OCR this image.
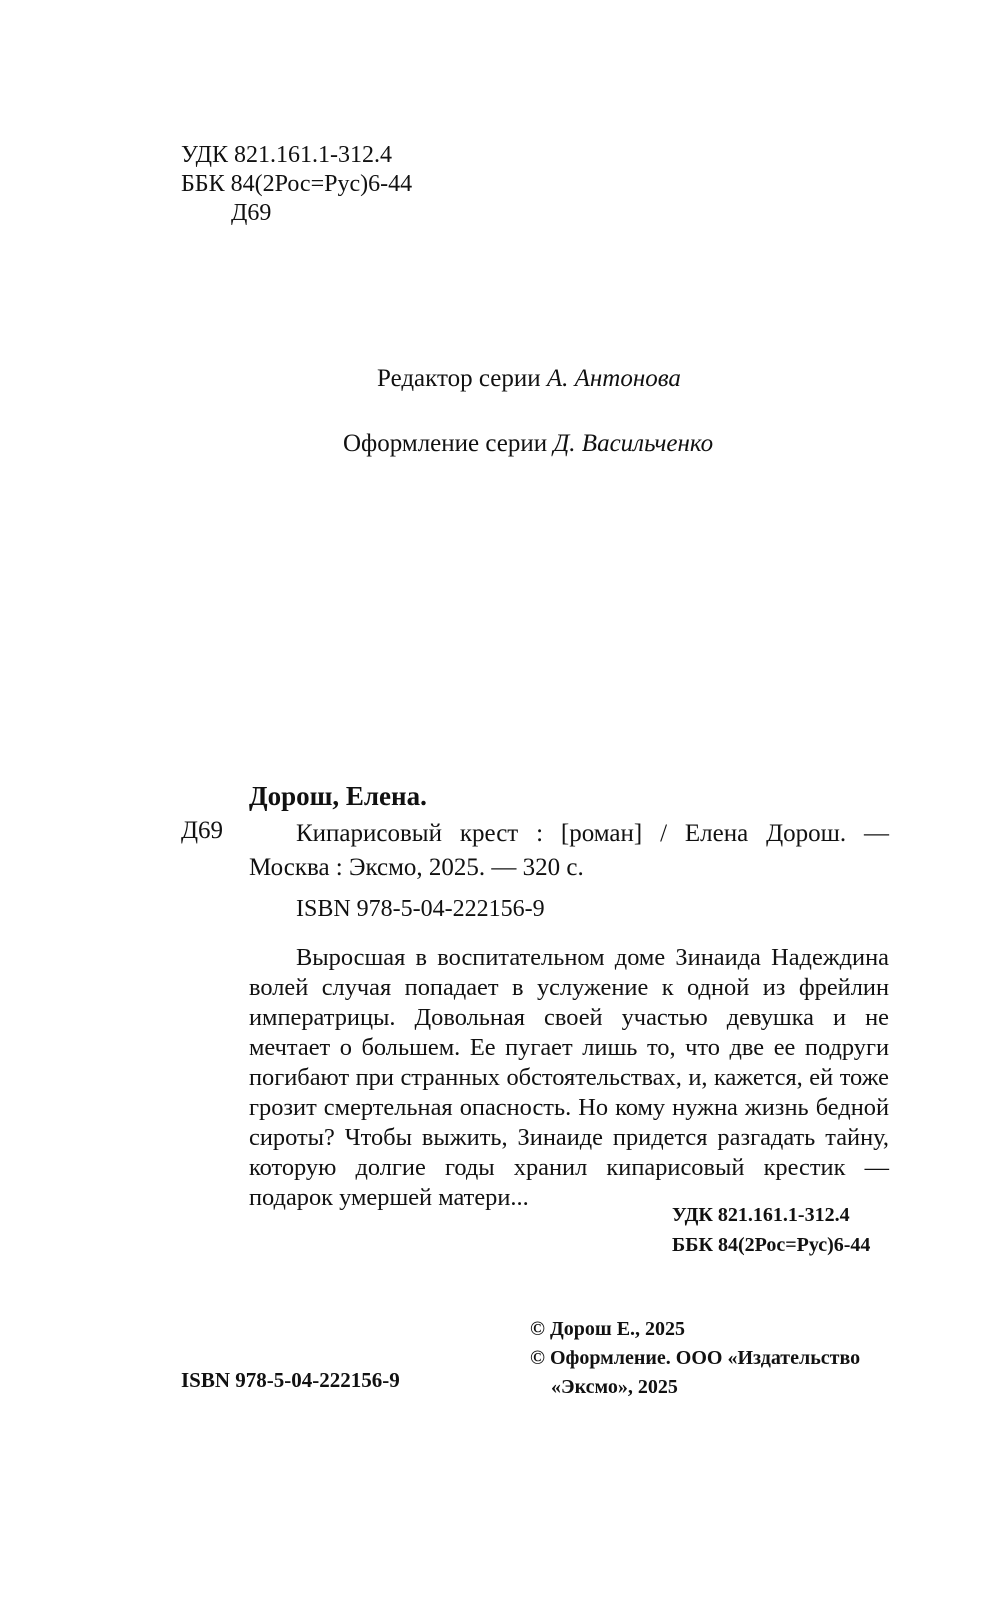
УДК 821.161.1-312.4
ББК 84(2Рос=Рус)6-44
Д69
Редактор серии А. Антонова
Оформление серии Д. Васильченко
Дорош, Елена.
Д69	Кипарисовый крест : [роман] / Елена Дорош. — Москва : Эксмо, 2025. — 320 с.
ISBN 978-5-04-222156-9
Выросшая в воспитательном доме Зинаида Надеждина волей случая попадает в услужение к одной из фрейлин императрицы. Довольная своей участью девушка и не мечтает о большем. Ее пугает лишь то, что две ее подруги погибают при странных обстоятельствах, и, кажется, ей тоже грозит смертельная опасность. Но кому нужна жизнь бедной сироты? Чтобы выжить, Зинаиде придется разгадать тайну, которую долгие годы хранил кипарисовый крестик — подарок умершей матери...
УДК 821.161.1-312.4
ББК 84(2Рос=Рус)6-44
© Дорош Е., 2025
© Оформление. ООО «Издательство
«Эксмо», 2025
ISBN 978-5-04-222156-9
